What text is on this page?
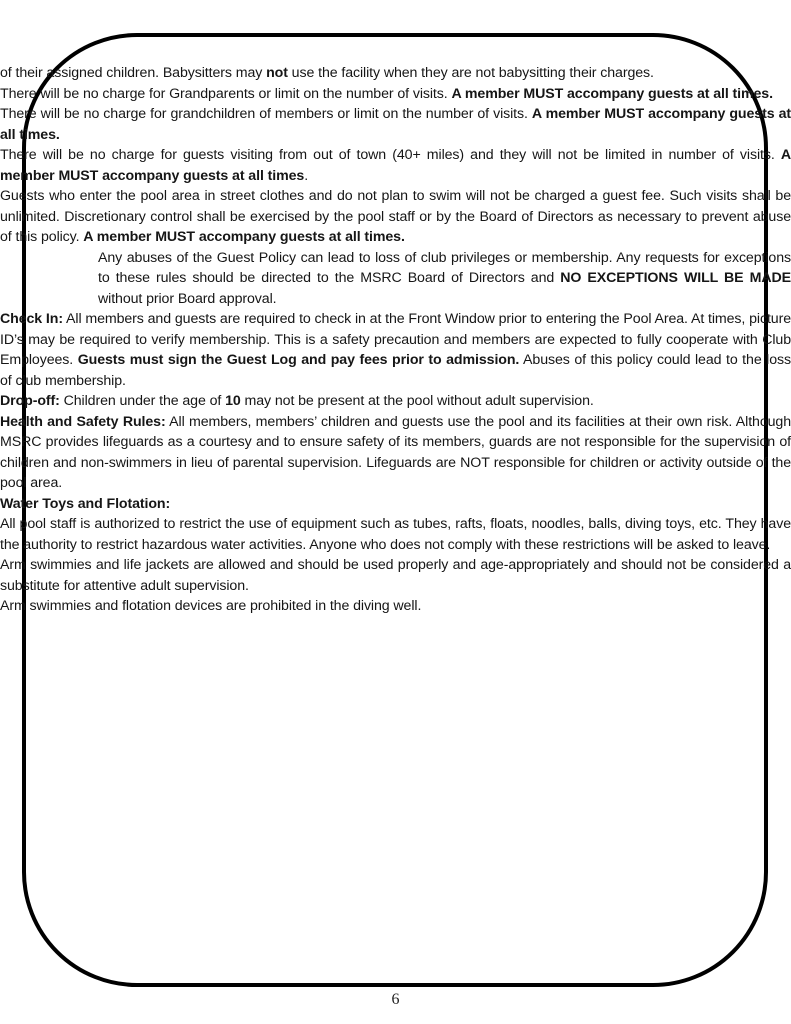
of their assigned children. Babysitters may not use the facility when they are not babysitting their charges.

There will be no charge for Grandparents or limit on the number of visits. A member MUST accompany guests at all times.

There will be no charge for grandchildren of members or limit on the number of visits. A member MUST accompany guests at all times.

There will be no charge for guests visiting from out of town (40+ miles) and they will not be limited in number of visits. A member MUST accompany guests at all times.

Guests who enter the pool area in street clothes and do not plan to swim will not be charged a guest fee. Such visits shall be unlimited. Discretionary control shall be exercised by the pool staff or by the Board of Directors as necessary to prevent abuse of this policy. A member MUST accompany guests at all times.

Any abuses of the Guest Policy can lead to loss of club privileges or membership. Any requests for exceptions to these rules should be directed to the MSRC Board of Directors and NO EXCEPTIONS WILL BE MADE without prior Board approval.

Check In: All members and guests are required to check in at the Front Window prior to entering the Pool Area. At times, picture ID’s may be required to verify membership. This is a safety precaution and members are expected to fully cooperate with Club Employees. Guests must sign the Guest Log and pay fees prior to admission. Abuses of this policy could lead to the loss of club membership.

Drop-off: Children under the age of 10 may not be present at the pool without adult supervision.

Health and Safety Rules: All members, members’ children and guests use the pool and its facilities at their own risk. Although MSRC provides lifeguards as a courtesy and to ensure safety of its members, guards are not responsible for the supervision of children and non-swimmers in lieu of parental supervision. Lifeguards are NOT responsible for children or activity outside of the pool area.

Water Toys and Flotation:

All pool staff is authorized to restrict the use of equipment such as tubes, rafts, floats, noodles, balls, diving toys, etc. They have the authority to restrict hazardous water activities. Anyone who does not comply with these restrictions will be asked to leave.

Arm swimmies and life jackets are allowed and should be used properly and age-appropriately and should not be considered a substitute for attentive adult supervision.

Arm swimmies and flotation devices are prohibited in the diving well.

6
